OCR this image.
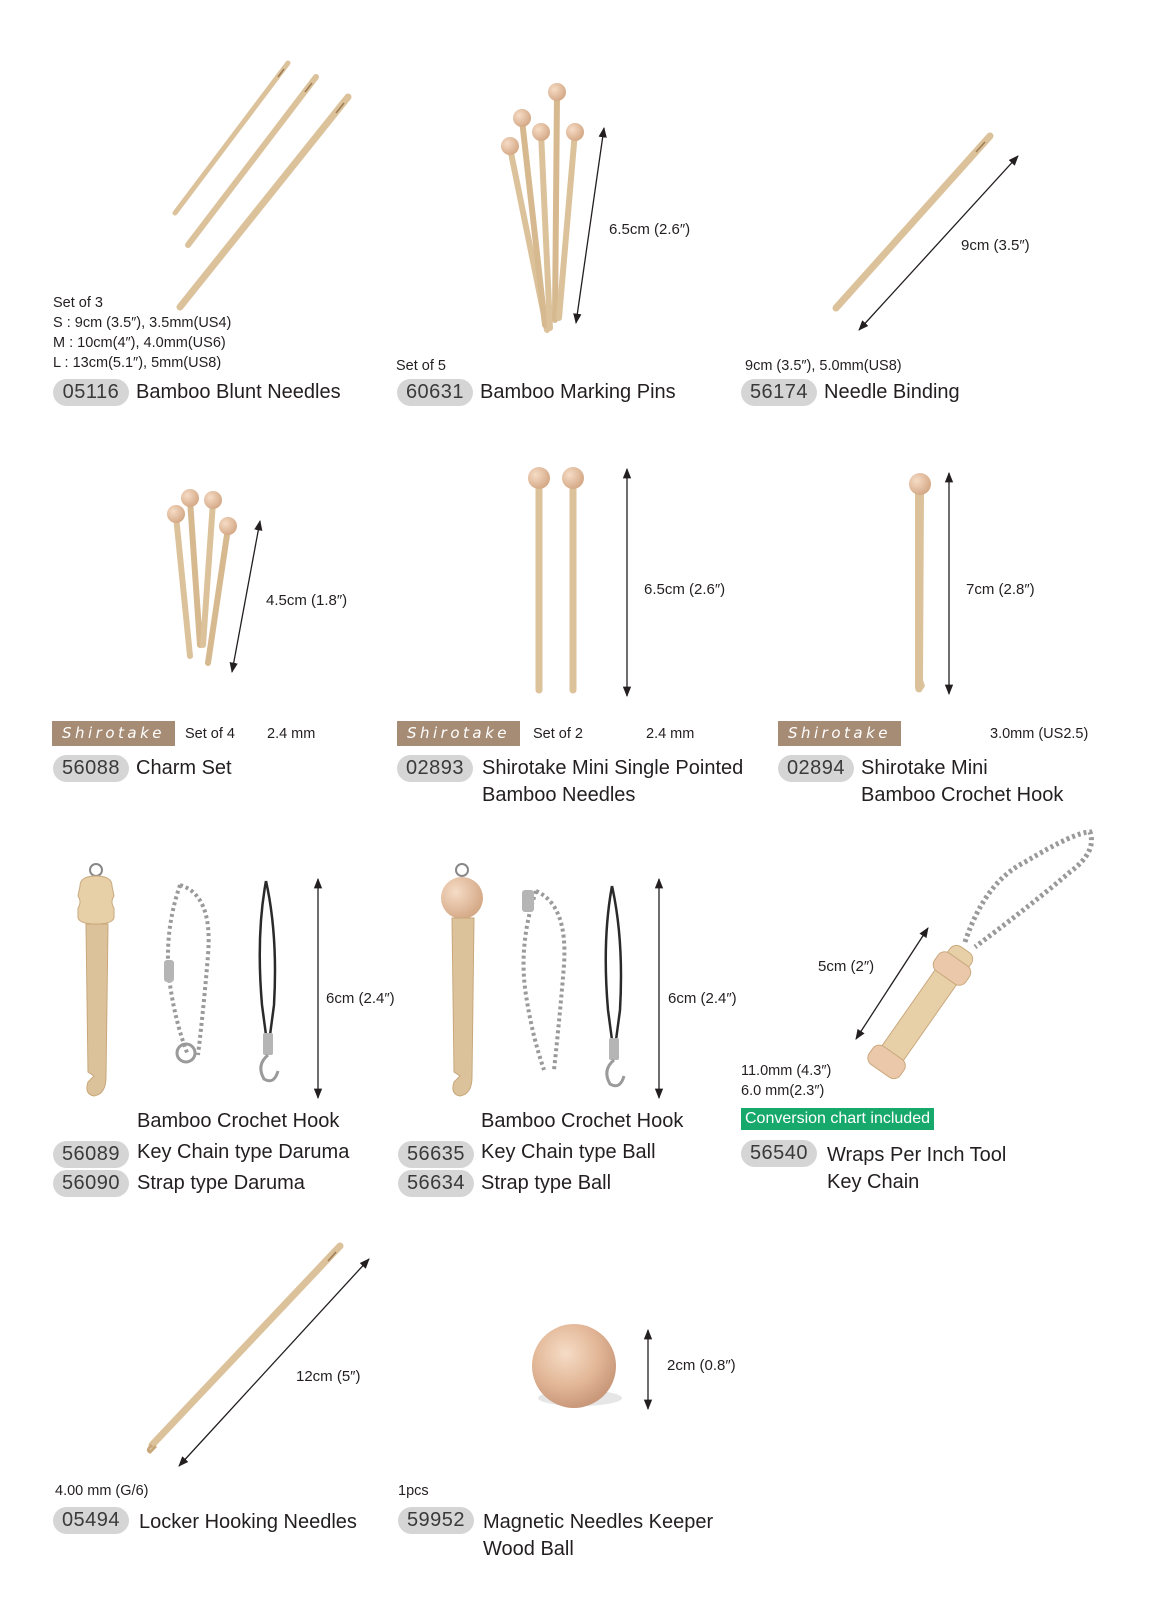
Set of 3
S : 9cm (3.5″), 3.5mm(US4)
M : 10cm(4″), 4.0mm(US6)
L : 13cm(5.1″), 5mm(US8)
05116 Bamboo Blunt Needles
6.5cm (2.6″)
Set of 5
60631 Bamboo Marking Pins
9cm (3.5″)
9cm (3.5″), 5.0mm(US8)
56174 Needle Binding
4.5cm (1.8″)
Shirotake	Set of 4 2.4 mm
56088 Charm Set
6.5cm (2.6″)
Shirotake	Set of 2	2.4 mm
02893 Shirotake Mini Single Pointed
Bamboo Needles
7cm (2.8″)
Shirotake	3.0mm (US2.5)
02894 Shirotake Mini
Bamboo Crochet Hook
6cm (2.4″)
Bamboo Crochet Hook
56089 Key Chain type Daruma
56090 Strap type Daruma
6cm (2.4″)
Bamboo Crochet Hook
56635 Key Chain type Ball
56634 Strap type Ball
5cm (2″)
11.0mm (4.3″)
6.0 mm(2.3″)
Conversion chart included
56540 Wraps Per Inch Tool
Key Chain
12cm (5″)
4.00 mm (G/6)
05494 Locker Hooking Needles
2cm (0.8″)
1pcs
59952 Magnetic Needles Keeper
Wood Ball
